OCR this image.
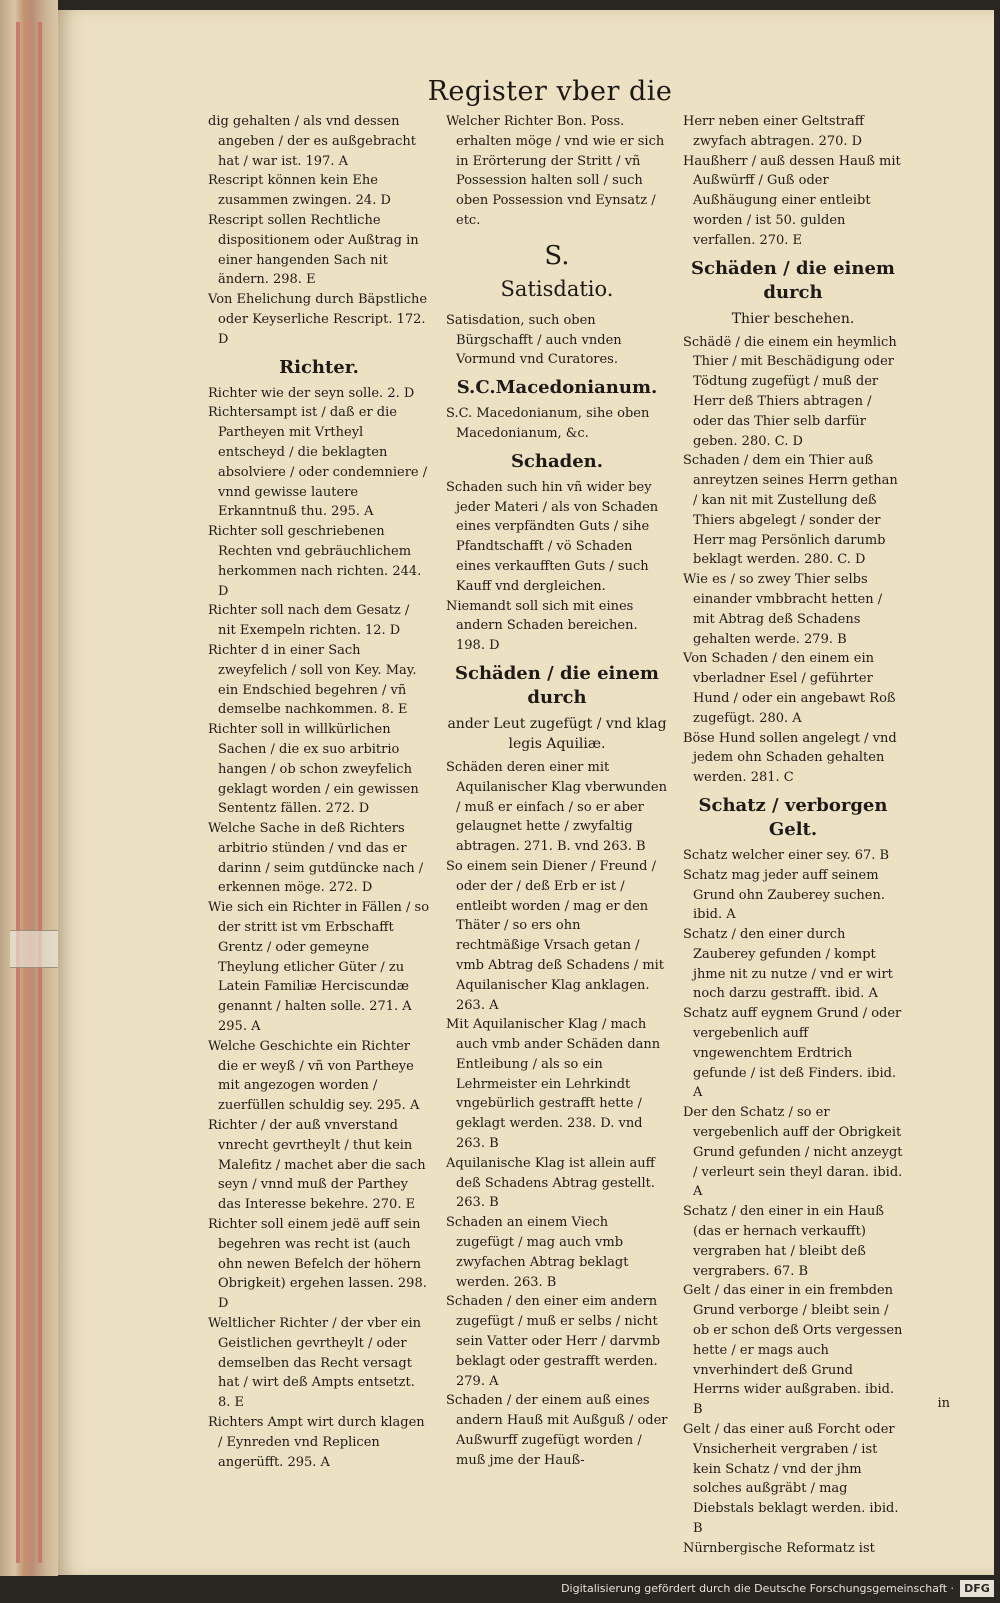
Register vber die

dig gehalten / als vnd dessen angeben / der es außgebracht hat / war ist. 197. A

Rescript können kein Ehe zusammen zwingen. 24. D

Rescript sollen Rechtliche dispositionem oder Außtrag in einer hangenden Sach nit ändern. 298. E

Von Ehelichung durch Bäpstliche oder Keyserliche Rescript. 172. D

Richter.

Richter wie der seyn solle. 2. D

Richtersampt ist / daß er die Partheyen mit Vrtheyl entscheyd / die beklagten absolviere / oder condemniere / vnnd gewisse lautere Erkanntnuß thu. 295. A

Richter soll geschriebenen Rechten vnd gebräuchlichem herkommen nach richten. 244. D

Richter soll nach dem Gesatz / nit Exempeln richten. 12. D

Richter d in einer Sach zweyfelich / soll von Key. May. ein Endschied begehren / vñ demselbe nachkommen. 8. E

Richter soll in willkürlichen Sachen / die ex suo arbitrio hangen / ob schon zweyfelich geklagt worden / ein gewissen Sententz fällen. 272. D

Welche Sache in deß Richters arbitrio stünden / vnd das er darinn / seim gutdüncke nach / erkennen möge. 272. D

Wie sich ein Richter in Fällen / so der stritt ist vm Erbschafft Grentz / oder gemeyne Theylung etlicher Güter / zu Latein Familiæ Herciscundæ genannt / halten solle. 271. A 295. A

Welche Geschichte ein Richter die er weyß / vñ von Partheye mit angezogen worden / zuerfüllen schuldig sey. 295. A

Richter / der auß vnverstand vnrecht gevrtheylt / thut kein Malefitz / machet aber die sach seyn / vnnd muß der Parthey das Interesse bekehre. 270. E

Richter soll einem jedë auff sein begehren was recht ist (auch ohn newen Befelch der höhern Obrigkeit) ergehen lassen. 298. D

Weltlicher Richter / der vber ein Geistlichen gevrtheylt / oder demselben das Recht versagt hat / wirt deß Ampts entsetzt. 8. E

Richters Ampt wirt durch klagen / Eynreden vnd Replicen angerüfft. 295. A

Welcher Richter Bon. Poss. erhalten möge / vnd wie er sich in Erörterung der Stritt / vñ Possession halten soll / such oben Possession vnd Eynsatz / etc.

S.

Satisdatio.

Satisdation, such oben Bürgschafft / auch vnden Vormund vnd Curatores.

S.C.Macedonianum.

S.C. Macedonianum, sihe oben Macedonianum, &c.

Schaden.

Schaden such hin vñ wider bey jeder Materi / als von Schaden eines verpfändten Guts / sihe Pfandtschafft / vö Schaden eines verkaufften Guts / such Kauff vnd dergleichen.

Niemandt soll sich mit eines andern Schaden bereichen. 198. D

Schäden / die einem durch

ander Leut zugefügt / vnd klag legis Aquiliæ.

Schäden deren einer mit Aquilanischer Klag vberwunden / muß er einfach / so er aber gelaugnet hette / zwyfaltig abtragen. 271. B. vnd 263. B

So einem sein Diener / Freund / oder der / deß Erb er ist / entleibt worden / mag er den Thäter / so ers ohn rechtmäßige Vrsach getan / vmb Abtrag deß Schadens / mit Aquilanischer Klag anklagen. 263. A

Mit Aquilanischer Klag / mach auch vmb ander Schäden dann Entleibung / als so ein Lehrmeister ein Lehrkindt vngebürlich gestrafft hette / geklagt werden. 238. D. vnd 263. B

Aquilanische Klag ist allein auff deß Schadens Abtrag gestellt. 263. B

Schaden an einem Viech zugefügt / mag auch vmb zwyfachen Abtrag beklagt werden. 263. B

Schaden / den einer eim andern zugefügt / muß er selbs / nicht sein Vatter oder Herr / darvmb beklagt oder gestrafft werden. 279. A

Schaden / der einem auß eines andern Hauß mit Außguß / oder Außwurff zugefügt worden / muß jme der Hauß-

Herr neben einer Geltstraff zwyfach abtragen. 270. D

Haußherr / auß dessen Hauß mit Außwürff / Guß oder Außhäugung einer entleibt worden / ist 50. gulden verfallen. 270. E

Schäden / die einem durch

Thier beschehen.

Schädë / die einem ein heymlich Thier / mit Beschädigung oder Tödtung zugefügt / muß der Herr deß Thiers abtragen / oder das Thier selb darfür geben. 280. C. D

Schaden / dem ein Thier auß anreytzen seines Herrn gethan / kan nit mit Zustellung deß Thiers abgelegt / sonder der Herr mag Persönlich darumb beklagt werden. 280. C. D

Wie es / so zwey Thier selbs einander vmbbracht hetten / mit Abtrag deß Schadens gehalten werde. 279. B

Von Schaden / den einem ein vberladner Esel / geführter Hund / oder ein angebawt Roß zugefügt. 280. A

Böse Hund sollen angelegt / vnd jedem ohn Schaden gehalten werden. 281. C

Schatz / verborgen Gelt.

Schatz welcher einer sey. 67. B

Schatz mag jeder auff seinem Grund ohn Zauberey suchen. ibid. A

Schatz / den einer durch Zauberey gefunden / kompt jhme nit zu nutze / vnd er wirt noch darzu gestrafft. ibid. A

Schatz auff eygnem Grund / oder vergebenlich auff vngewenchtem Erdtrich gefunde / ist deß Finders. ibid. A

Der den Schatz / so er vergebenlich auff der Obrigkeit Grund gefunden / nicht anzeygt / verleurt sein theyl daran. ibid. A

Schatz / den einer in ein Hauß (das er hernach verkaufft) vergraben hat / bleibt deß vergrabers. 67. B

Gelt / das einer in ein frembden Grund verborge / bleibt sein / ob er schon deß Orts vergessen hette / er mags auch vnverhindert deß Grund Herrns wider außgraben. ibid. B

Gelt / das einer auß Forcht oder Vnsicherheit vergraben / ist kein Schatz / vnd der jhm solches außgräbt / mag Diebstals beklagt werden. ibid. B

Nürnbergische Reformatz ist

in
Digitalisierung gefördert durch die Deutsche Forschungsgemeinschaft · DFG
